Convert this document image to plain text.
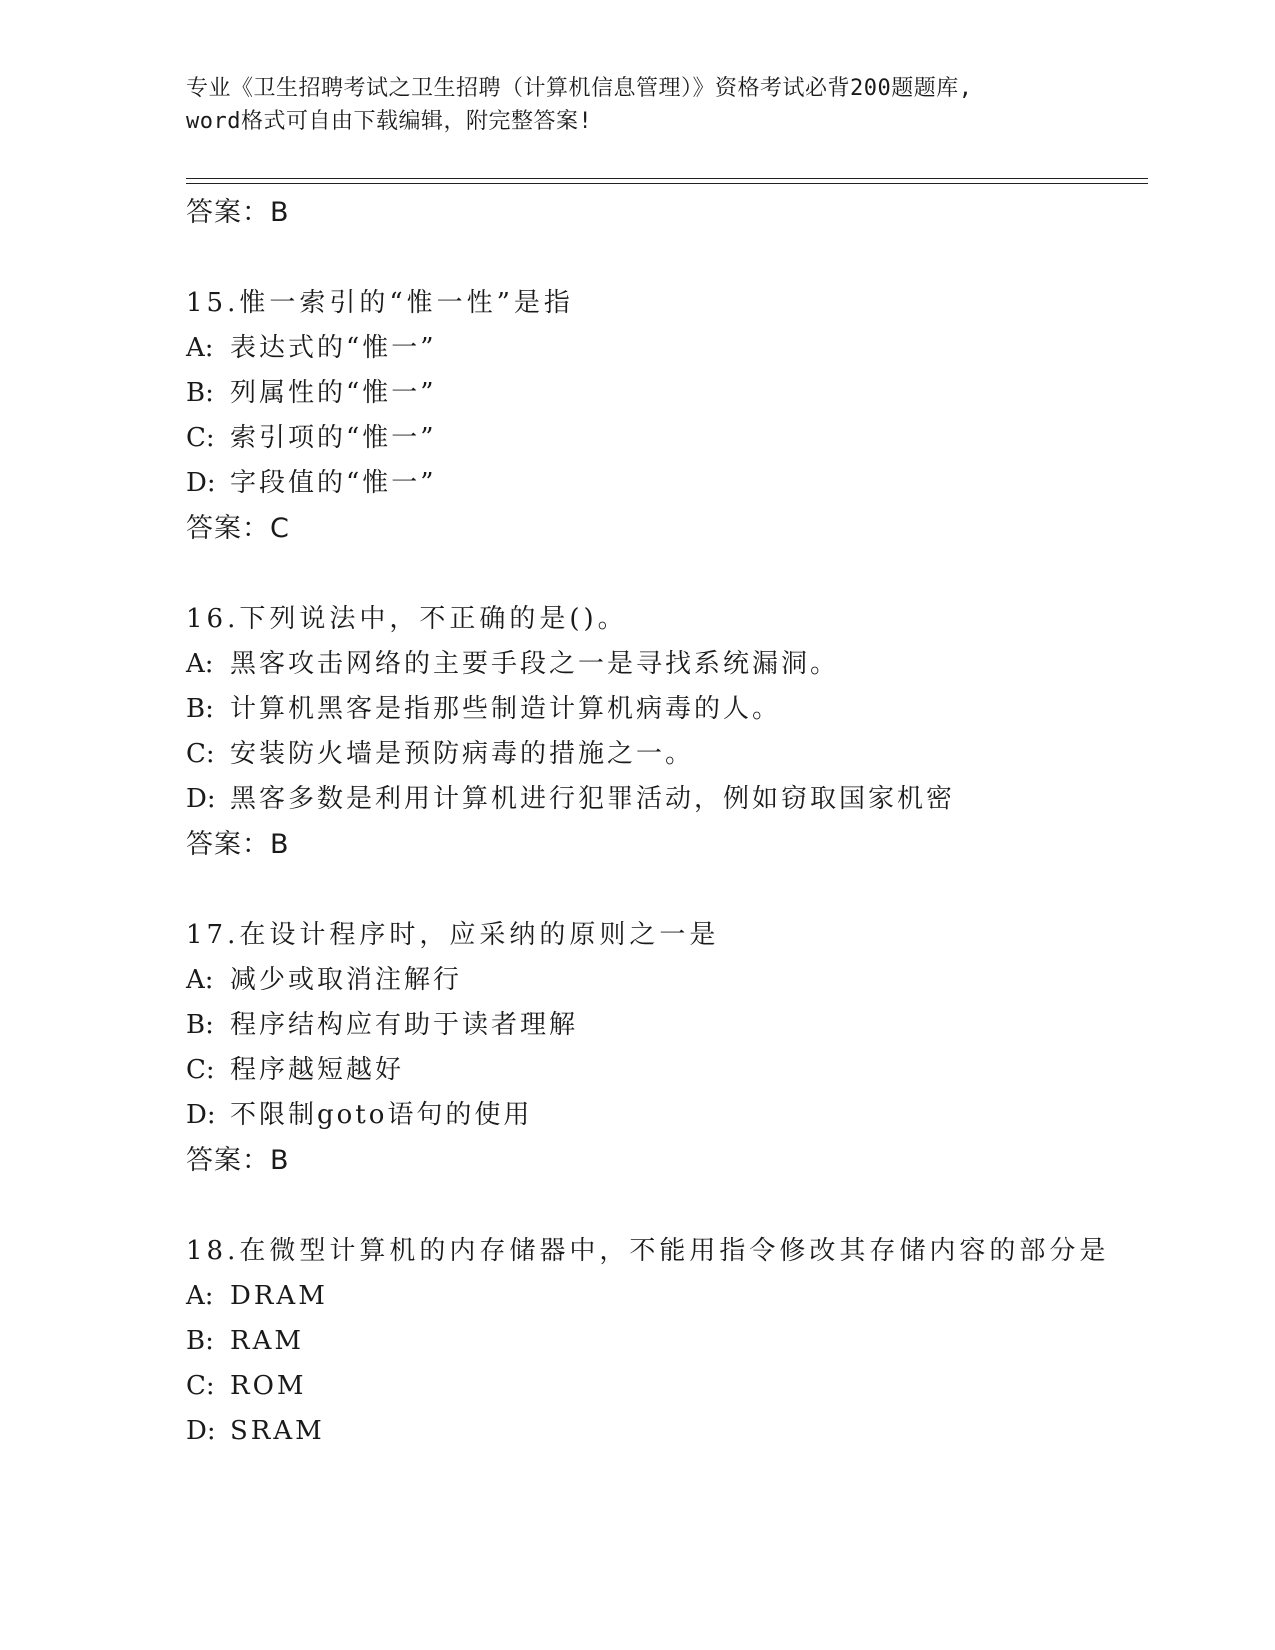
专业《卫生招聘考试之卫生招聘（计算机信息管理）》资格考试必背200题题库,
word格式可自由下载编辑，附完整答案!
答案：B
15.惟一索引的“惟一性”是指
A: 表达式的“惟一”
B: 列属性的“惟一”
C: 索引项的“惟一”
D: 字段值的“惟一”
答案：C
16.下列说法中，不正确的是()。
A: 黑客攻击网络的主要手段之一是寻找系统漏洞。
B: 计算机黑客是指那些制造计算机病毒的人。
C: 安装防火墙是预防病毒的措施之一。
D: 黑客多数是利用计算机进行犯罪活动，例如窃取国家机密
答案：B
17.在设计程序时，应采纳的原则之一是
A: 减少或取消注解行
B: 程序结构应有助于读者理解
C: 程序越短越好
D: 不限制goto语句的使用
答案：B
18.在微型计算机的内存储器中，不能用指令修改其存储内容的部分是
A: DRAM
B: RAM
C: ROM
D: SRAM
